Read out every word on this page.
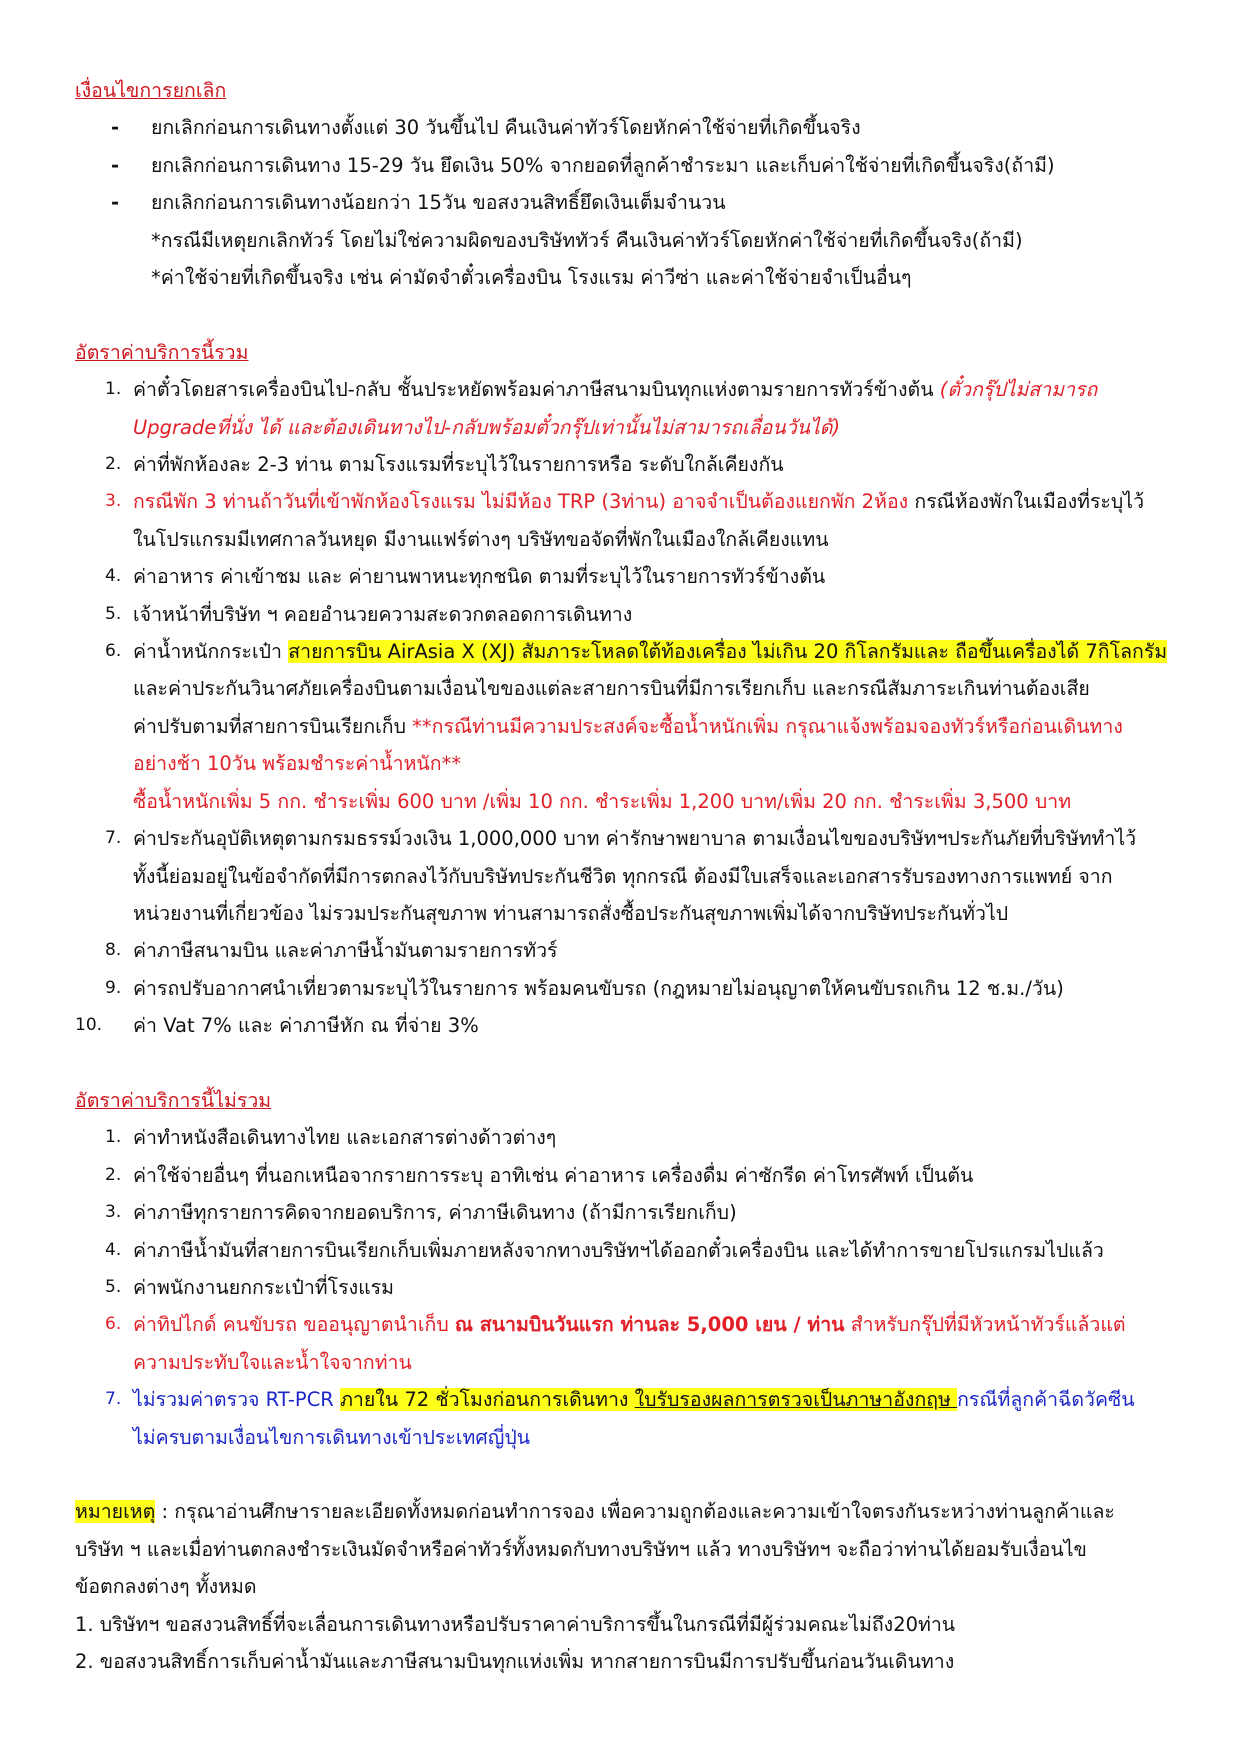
เงื่อนไขการยกเลิก
- ยกเลิกก่อนการเดินทางตั้งแต่ 30 วันขึ้นไป คืนเงินค่าทัวร์โดยหักค่าใช้จ่ายที่เกิดขึ้นจริง
- ยกเลิกก่อนการเดินทาง 15-29 วัน ยึดเงิน 50% จากยอดที่ลูกค้าชำระมา และเก็บค่าใช้จ่ายที่เกิดขึ้นจริง(ถ้ามี)
- ยกเลิกก่อนการเดินทางน้อยกว่า 15วัน ขอสงวนสิทธิ์ยึดเงินเต็มจำนวน
*กรณีมีเหตุยกเลิกทัวร์ โดยไม่ใช่ความผิดของบริษัททัวร์ คืนเงินค่าทัวร์โดยหักค่าใช้จ่ายที่เกิดขึ้นจริง(ถ้ามี)
*ค่าใช้จ่ายที่เกิดขึ้นจริง เช่น ค่ามัดจำตั๋วเครื่องบิน โรงแรม ค่าวีซ่า และค่าใช้จ่ายจำเป็นอื่นๆ
อัตราค่าบริการนี้รวม
1. ค่าตั๋วโดยสารเครื่องบินไป-กลับ ชั้นประหยัดพร้อมค่าภาษีสนามบินทุกแห่งตามรายการทัวร์ข้างต้น (ตั๋วกรุ๊ปไม่สามารถ
Upgradeที่นั่ง ได้ และต้องเดินทางไป-กลับพร้อมตั๋วกรุ๊ปเท่านั้นไม่สามารถเลื่อนวันได้)
2. ค่าที่พักห้องละ 2-3 ท่าน ตามโรงแรมที่ระบุไว้ในรายการหรือ ระดับใกล้เคียงกัน
3. กรณีพัก 3 ท่านถ้าวันที่เข้าพักห้องโรงแรม ไม่มีห้อง TRP (3ท่าน) อาจจำเป็นต้องแยกพัก 2ห้อง กรณีห้องพักในเมืองที่ระบุไว้
ในโปรแกรมมีเทศกาลวันหยุด มีงานแฟร์ต่างๆ บริษัทขอจัดที่พักในเมืองใกล้เคียงแทน
4. ค่าอาหาร ค่าเข้าชม และ ค่ายานพาหนะทุกชนิด ตามที่ระบุไว้ในรายการทัวร์ข้างต้น
5. เจ้าหน้าที่บริษัท ฯ คอยอำนวยความสะดวกตลอดการเดินทาง
6. ค่าน้ำหนักกระเป๋า สายการบิน AirAsia X (XJ) สัมภาระโหลดใต้ท้องเครื่อง ไม่เกิน 20 กิโลกรัมและ ถือขึ้นเครื่องได้ 7กิโลกรัม
และค่าประกันวินาศภัยเครื่องบินตามเงื่อนไขของแต่ละสายการบินที่มีการเรียกเก็บ และกรณีสัมภาระเกินท่านต้องเสีย
ค่าปรับตามที่สายการบินเรียกเก็บ **กรณีท่านมีความประสงค์จะซื้อน้ำหนักเพิ่ม กรุณาแจ้งพร้อมจองทัวร์หรือก่อนเดินทาง
อย่างช้า 10วัน พร้อมชำระค่าน้ำหนัก**
ซื้อน้ำหนักเพิ่ม 5 กก. ชำระเพิ่ม 600 บาท /เพิ่ม 10 กก. ชำระเพิ่ม 1,200 บาท/เพิ่ม 20 กก. ชำระเพิ่ม 3,500 บาท
7. ค่าประกันอุบัติเหตุตามกรมธรรม์วงเงิน 1,000,000 บาท ค่ารักษาพยาบาล ตามเงื่อนไขของบริษัทฯประกันภัยที่บริษัททำไว้
ทั้งนี้ย่อมอยู่ในข้อจำกัดที่มีการตกลงไว้กับบริษัทประกันชีวิต ทุกกรณี ต้องมีใบเสร็จและเอกสารรับรองทางการแพทย์ จาก
หน่วยงานที่เกี่ยวข้อง ไม่รวมประกันสุขภาพ ท่านสามารถสั่งซื้อประกันสุขภาพเพิ่มได้จากบริษัทประกันทั่วไป
8. ค่าภาษีสนามบิน และค่าภาษีน้ำมันตามรายการทัวร์
9. ค่ารถปรับอากาศนำเที่ยวตามระบุไว้ในรายการ พร้อมคนขับรถ (กฎหมายไม่อนุญาตให้คนขับรถเกิน 12 ช.ม./วัน)
10. ค่า Vat 7% และ ค่าภาษีหัก ณ ที่จ่าย 3%
อัตราค่าบริการนี้ไม่รวม
1. ค่าทำหนังสือเดินทางไทย และเอกสารต่างด้าวต่างๆ
2. ค่าใช้จ่ายอื่นๆ ที่นอกเหนือจากรายการระบุ อาทิเช่น ค่าอาหาร เครื่องดื่ม ค่าซักรีด ค่าโทรศัพท์ เป็นต้น
3. ค่าภาษีทุกรายการคิดจากยอดบริการ, ค่าภาษีเดินทาง (ถ้ามีการเรียกเก็บ)
4. ค่าภาษีน้ำมันที่สายการบินเรียกเก็บเพิ่มภายหลังจากทางบริษัทฯได้ออกตั๋วเครื่องบิน และได้ทำการขายโปรแกรมไปแล้ว
5. ค่าพนักงานยกกระเป๋าที่โรงแรม
6. ค่าทิปไกด์ คนขับรถ ขออนุญาตนำเก็บ ณ สนามบินวันแรก ท่านละ 5,000 เยน / ท่าน สำหรับกรุ๊ปที่มีหัวหน้าทัวร์แล้วแต่
ความประทับใจและน้ำใจจากท่าน
7. ไม่รวมค่าตรวจ RT-PCR ภายใน 72 ชั่วโมงก่อนการเดินทาง ใบรับรองผลการตรวจเป็นภาษาอังกฤษ กรณีที่ลูกค้าฉีดวัคซีน
ไม่ครบตามเงื่อนไขการเดินทางเข้าประเทศญี่ปุ่น
หมายเหตุ : กรุณาอ่านศึกษารายละเอียดทั้งหมดก่อนทำการจอง เพื่อความถูกต้องและความเข้าใจตรงกันระหว่างท่านลูกค้าและ
บริษัท ฯ และเมื่อท่านตกลงชำระเงินมัดจำหรือค่าทัวร์ทั้งหมดกับทางบริษัทฯ แล้ว ทางบริษัทฯ จะถือว่าท่านได้ยอมรับเงื่อนไข
ข้อตกลงต่างๆ ทั้งหมด
1. บริษัทฯ ขอสงวนสิทธิ์ที่จะเลื่อนการเดินทางหรือปรับราคาค่าบริการขึ้นในกรณีที่มีผู้ร่วมคณะไม่ถึง20ท่าน
2. ขอสงวนสิทธิ์การเก็บค่าน้ำมันและภาษีสนามบินทุกแห่งเพิ่ม หากสายการบินมีการปรับขึ้นก่อนวันเดินทาง
